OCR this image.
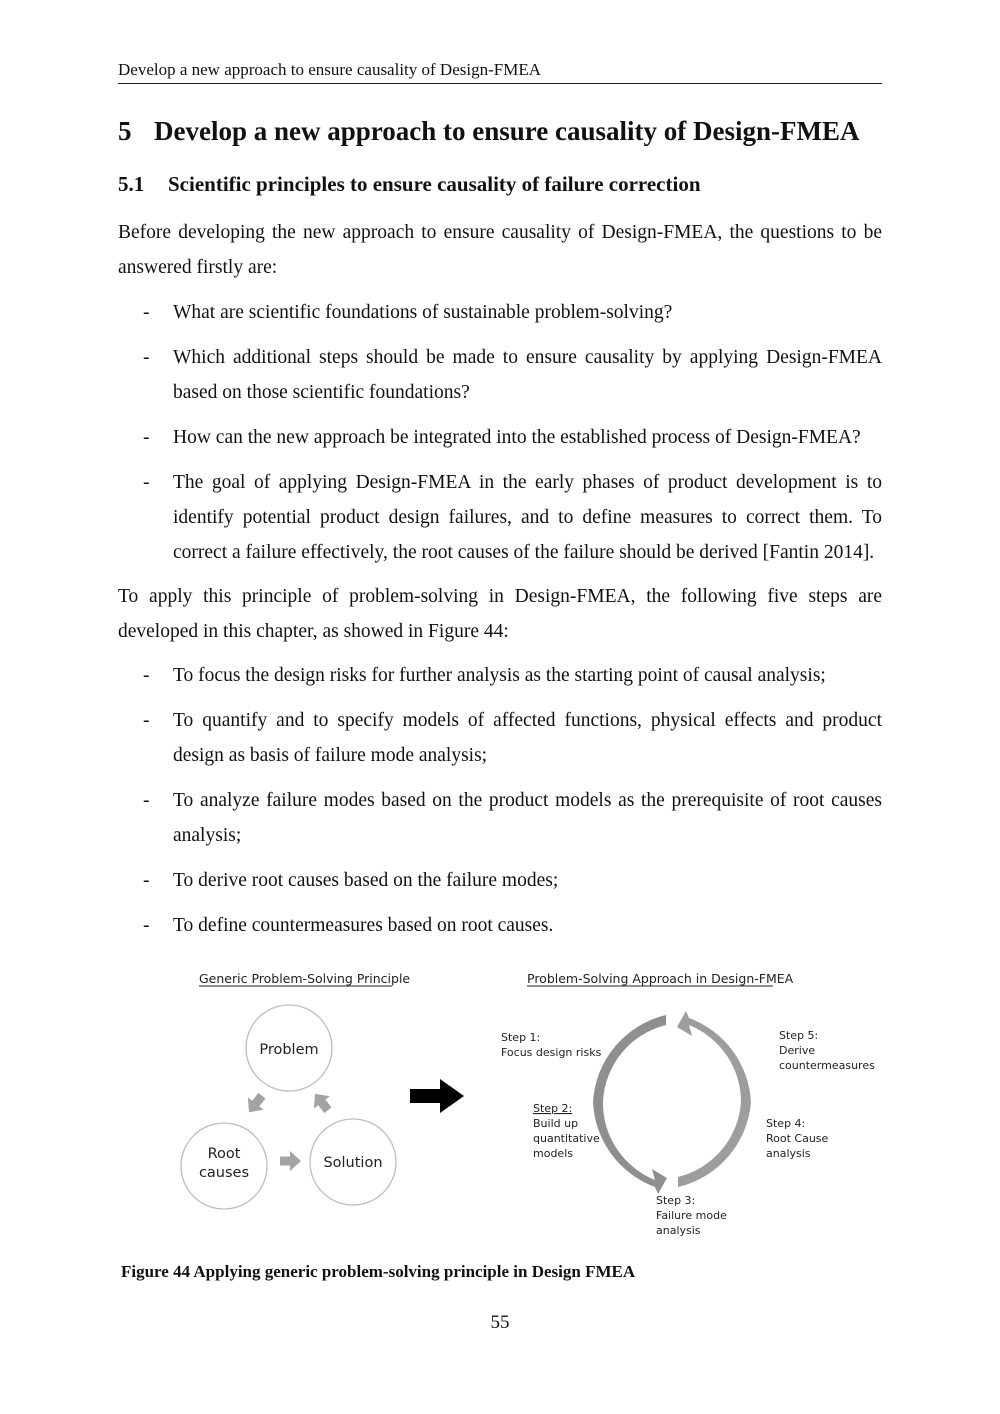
Develop a new approach to ensure causality of Design-FMEA
5 Develop a new approach to ensure causality of Design-FMEA
5.1 Scientific principles to ensure causality of failure correction

Before developing the new approach to ensure causality of Design-FMEA, the questions to be answered firstly are:

- What are scientific foundations of sustainable problem-solving?
- Which additional steps should be made to ensure causality by applying Design-FMEA based on those scientific foundations?
- How can the new approach be integrated into the established process of Design-FMEA?
- The goal of applying Design-FMEA in the early phases of product development is to identify potential product design failures, and to define measures to correct them. To correct a failure effectively, the root causes of the failure should be derived [Fantin 2014].

To apply this principle of problem-solving in Design-FMEA, the following five steps are developed in this chapter, as showed in Figure 44:

- To focus the design risks for further analysis as the starting point of causal analysis;
- To quantify and to specify models of affected functions, physical effects and product design as basis of failure mode analysis;
- To analyze failure modes based on the product models as the prerequisite of root causes analysis;
- To derive root causes based on the failure modes;
- To define countermeasures based on root causes.
Generic Problem-Solving Principle
Problem
Root
causes
Solution
Problem-Solving Approach in Design-FMEA
Step 1: Focus design risks
Step 2: Build up quantitative models
Step 3: Failure mode analysis
Step 4: Root Cause analysis
Step 5: Derive countermeasures

Figure 44 Applying generic problem-solving principle in Design FMEA

55
